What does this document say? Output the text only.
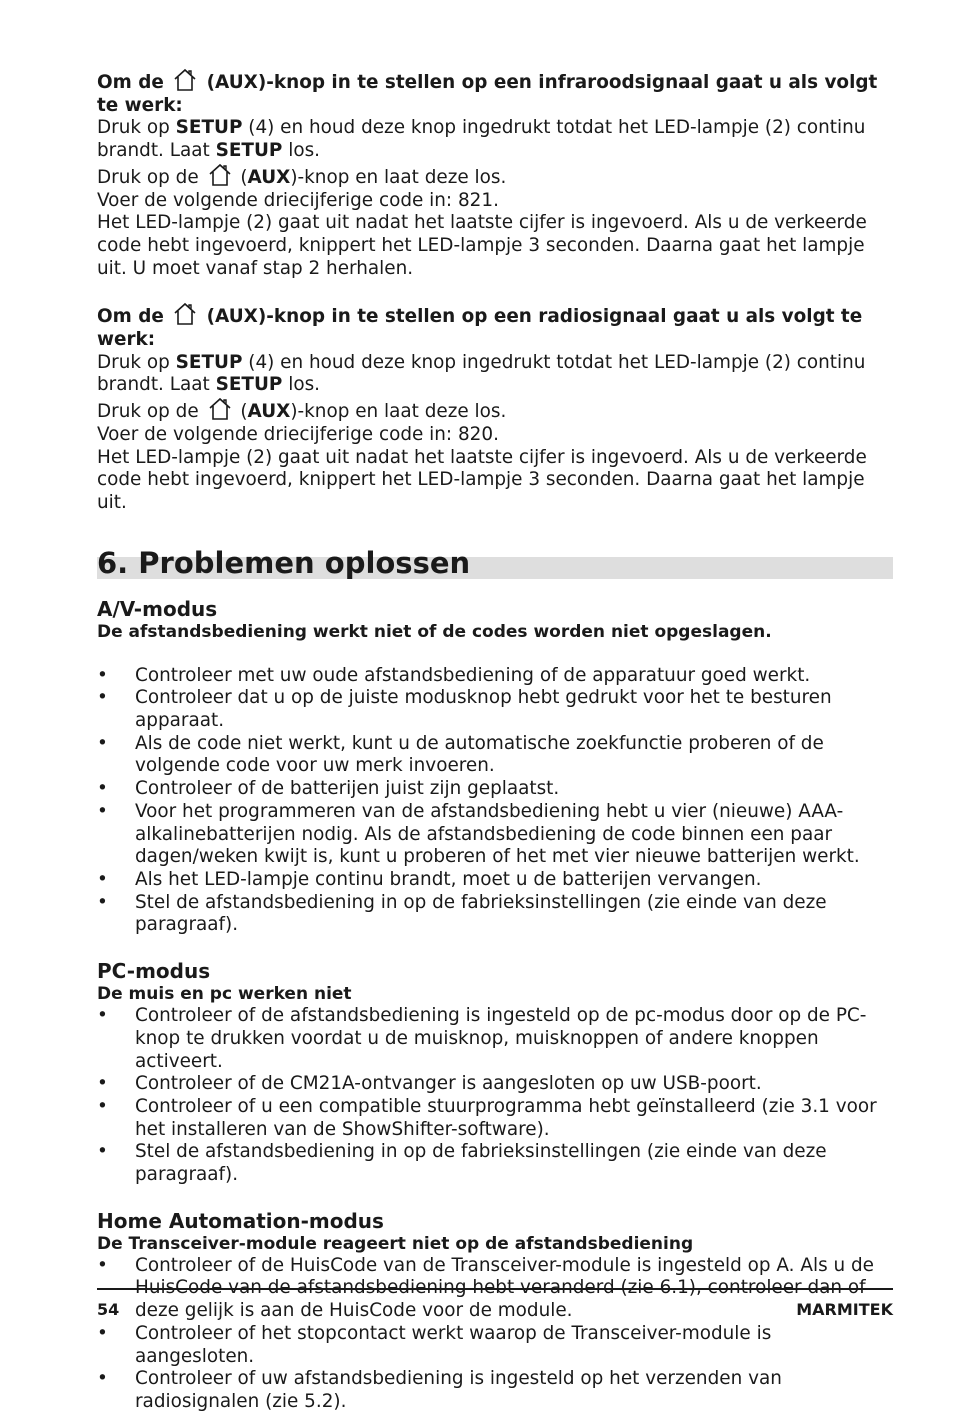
Om de (AUX)-knop in te stellen op een infraroodsignaal gaat u als volgt te werk:

Druk op SETUP (4) en houd deze knop ingedrukt totdat het LED-lampje (2) continu brandt. Laat SETUP los.

Druk op de (AUX)-knop en laat deze los.

Voer de volgende driecijferige code in: 821.

Het LED-lampje (2) gaat uit nadat het laatste cijfer is ingevoerd. Als u de verkeerde code hebt ingevoerd, knippert het LED-lampje 3 seconden. Daarna gaat het lampje uit. U moet vanaf stap 2 herhalen.

Om de (AUX)-knop in te stellen op een radiosignaal gaat u als volgt te werk:

Druk op SETUP (4) en houd deze knop ingedrukt totdat het LED-lampje (2) continu brandt. Laat SETUP los.

Druk op de (AUX)-knop en laat deze los.

Voer de volgende driecijferige code in: 820.

Het LED-lampje (2) gaat uit nadat het laatste cijfer is ingevoerd. Als u de verkeerde code hebt ingevoerd, knippert het LED-lampje 3 seconden. Daarna gaat het lampje uit.

6. Problemen oplossen
A/V-modus

De afstandsbediening werkt niet of de codes worden niet opgeslagen.

• Controleer met uw oude afstandsbediening of de apparatuur goed werkt.
• Controleer dat u op de juiste modusknop hebt gedrukt voor het te besturen apparaat.
• Als de code niet werkt, kunt u de automatische zoekfunctie proberen of de volgende code voor uw merk invoeren.
• Controleer of de batterijen juist zijn geplaatst.
• Voor het programmeren van de afstandsbediening hebt u vier (nieuwe) AAA-alkalinebatterijen nodig. Als de afstandsbediening de code binnen een paar dagen/weken kwijt is, kunt u proberen of het met vier nieuwe batterijen werkt.
• Als het LED-lampje continu brandt, moet u de batterijen vervangen.
• Stel de afstandsbediening in op de fabrieksinstellingen (zie einde van deze paragraaf).
PC-modus

De muis en pc werken niet

• Controleer of de afstandsbediening is ingesteld op de pc-modus door op de PC-knop te drukken voordat u de muisknop, muisknoppen of andere knoppen activeert.
• Controleer of de CM21A-ontvanger is aangesloten op uw USB-poort.
• Controleer of u een compatible stuurprogramma hebt geïnstalleerd (zie 3.1 voor het installeren van de ShowShifter-software).
• Stel de afstandsbediening in op de fabrieksinstellingen (zie einde van deze paragraaf).
Home Automation-modus

De Transceiver-module reageert niet op de afstandsbediening

• Controleer of de HuisCode van de Transceiver-module is ingesteld op A. Als u de HuisCode van de afstandsbediening hebt veranderd (zie 6.1), controleer dan of deze gelijk is aan de HuisCode voor de module.
• Controleer of het stopcontact werkt waarop de Transceiver-module is aangesloten.
• Controleer of uw afstandsbediening is ingesteld op het verzenden van radiosignalen (zie 5.2).
54	MARMITEK
